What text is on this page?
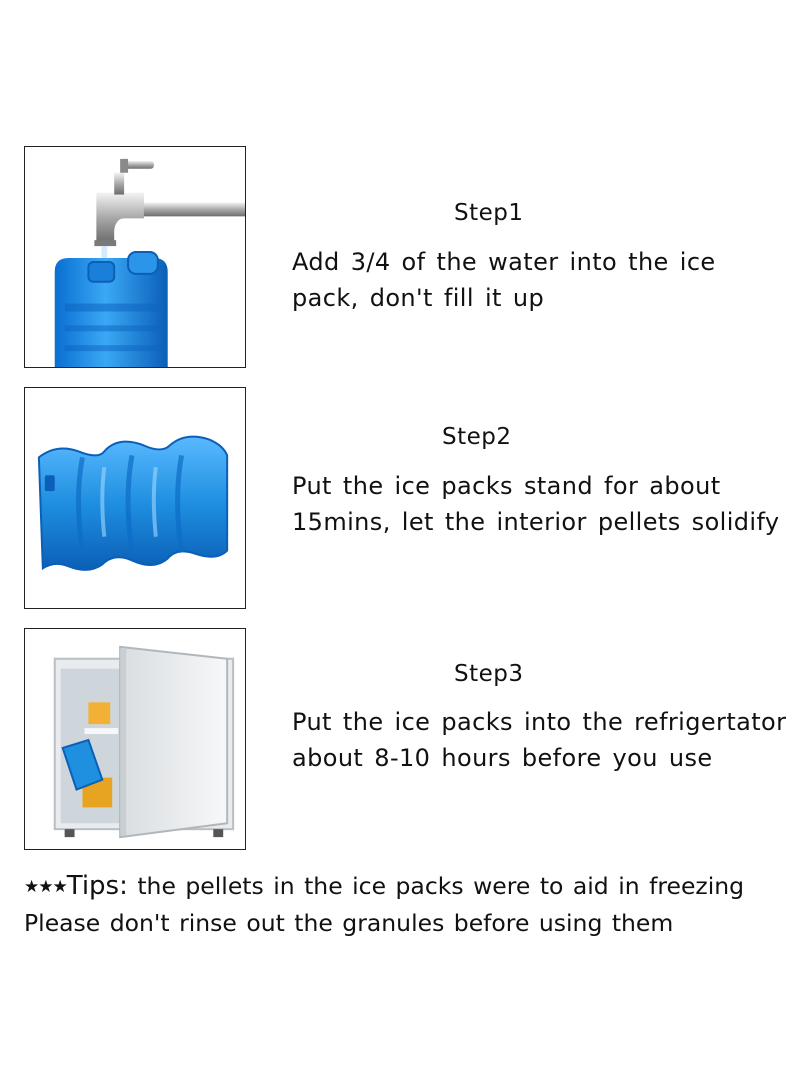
Step1
Add 3/4 of the water into the ice
pack, don't fill it up
Step2
Put the ice packs stand for about
15mins, let the interior pellets solidify
Step3
Put the ice packs into the refrigertator
about 8-10 hours before you use
★★★Tips: the pellets in the ice packs were to aid in freezing
Please don't rinse out the granules before using them
